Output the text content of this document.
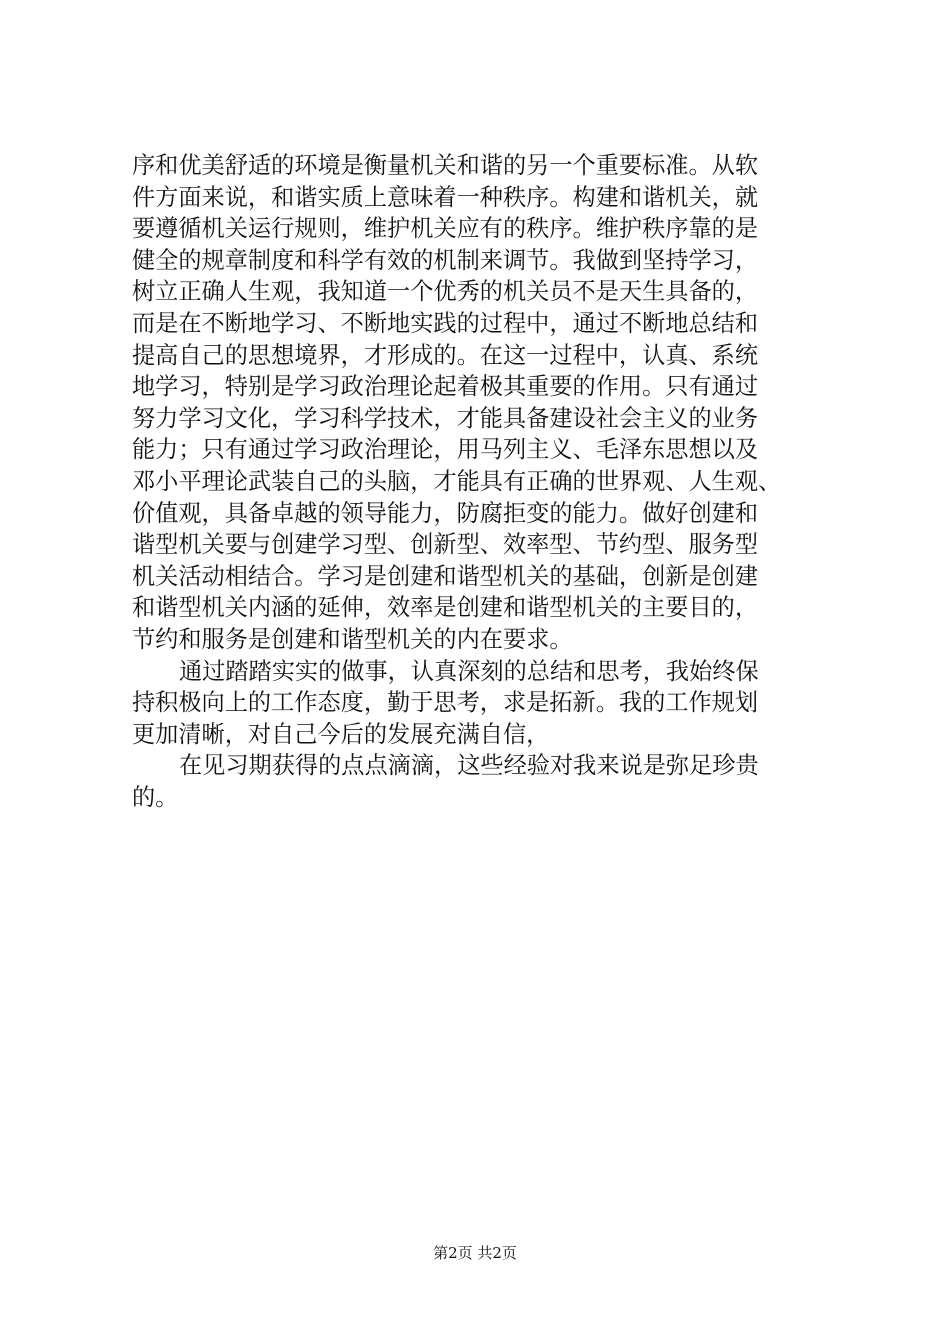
序和优美舒适的环境是衡量机关和谐的另一个重要标准。从软
件方面来说，和谐实质上意味着一种秩序。构建和谐机关，就
要遵循机关运行规则，维护机关应有的秩序。维护秩序靠的是
健全的规章制度和科学有效的机制来调节。我做到坚持学习，
树立正确人生观，我知道一个优秀的机关员不是天生具备的，
而是在不断地学习、不断地实践的过程中，通过不断地总结和
提高自己的思想境界，才形成的。在这一过程中，认真、系统
地学习，特别是学习政治理论起着极其重要的作用。只有通过
努力学习文化，学习科学技术，才能具备建设社会主义的业务
能力；只有通过学习政治理论，用马列主义、毛泽东思想以及
邓小平理论武装自己的头脑，才能具有正确的世界观、人生观、
价值观，具备卓越的领导能力，防腐拒变的能力。做好创建和
谐型机关要与创建学习型、创新型、效率型、节约型、服务型
机关活动相结合。学习是创建和谐型机关的基础，创新是创建
和谐型机关内涵的延伸，效率是创建和谐型机关的主要目的，
节约和服务是创建和谐型机关的内在要求。
通过踏踏实实的做事，认真深刻的总结和思考，我始终保
持积极向上的工作态度，勤于思考，求是拓新。我的工作规划
更加清晰，对自己今后的发展充满自信，
在见习期获得的点点滴滴，这些经验对我来说是弥足珍贵
的。
第2页 共2页
